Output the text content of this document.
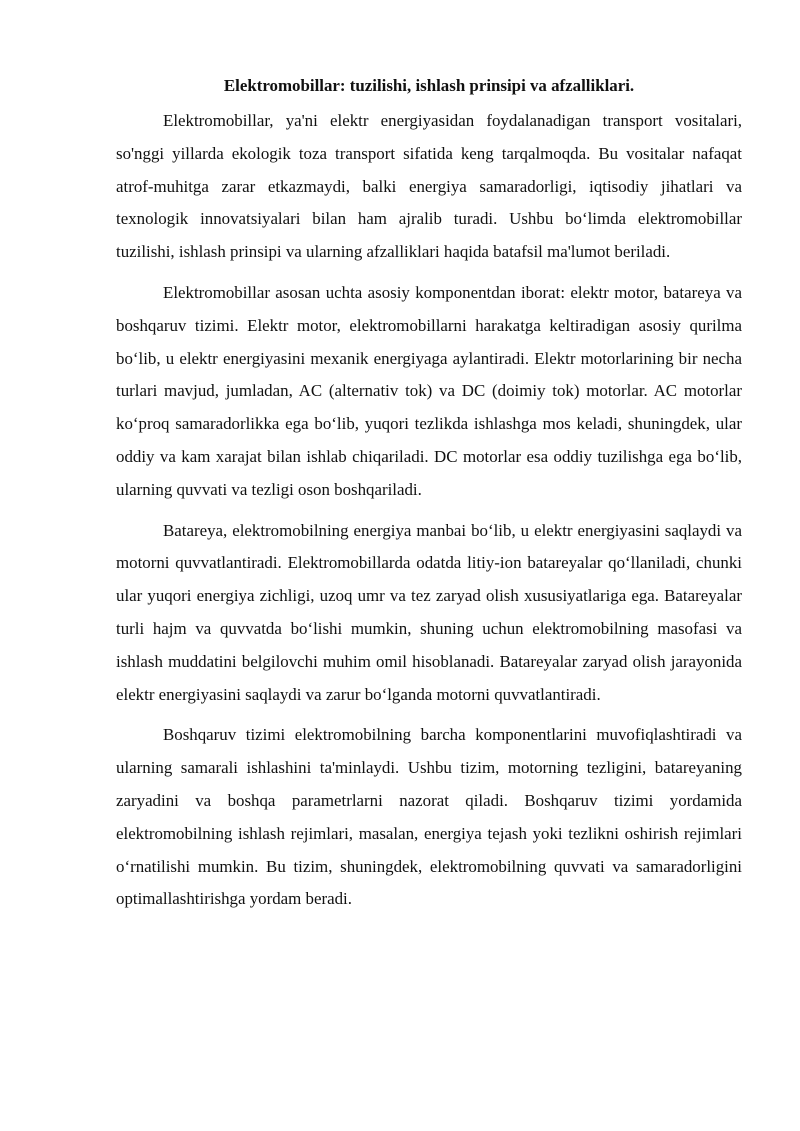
Elektromobillar: tuzilishi, ishlash prinsipi va afzalliklari.

Elektromobillar, ya'ni elektr energiyasidan foydalanadigan transport vositalari, so'nggi yillarda ekologik toza transport sifatida keng tarqalmoqda. Bu vositalar nafaqat atrof-muhitga zarar etkazmaydi, balki energiya samaradorligi, iqtisodiy jihatlari va texnologik innovatsiyalari bilan ham ajralib turadi. Ushbu bo‘limda elektromobillar tuzilishi, ishlash prinsipi va ularning afzalliklari haqida batafsil ma'lumot beriladi.

Elektromobillar asosan uchta asosiy komponentdan iborat: elektr motor, batareya va boshqaruv tizimi. Elektr motor, elektromobillarni harakatga keltiradigan asosiy qurilma bo‘lib, u elektr energiyasini mexanik energiyaga aylantiradi. Elektr motorlarining bir necha turlari mavjud, jumladan, AC (alternativ tok) va DC (doimiy tok) motorlar. AC motorlar ko‘proq samaradorlikka ega bo‘lib, yuqori tezlikda ishlashga mos keladi, shuningdek, ular oddiy va kam xarajat bilan ishlab chiqariladi. DC motorlar esa oddiy tuzilishga ega bo‘lib, ularning quvvati va tezligi oson boshqariladi.

Batareya, elektromobilning energiya manbai bo‘lib, u elektr energiyasini saqlaydi va motorni quvvatlantiradi. Elektromobillarda odatda litiy-ion batareyalar qo‘llaniladi, chunki ular yuqori energiya zichligi, uzoq umr va tez zaryad olish xususiyatlariga ega. Batareyalar turli hajm va quvvatda bo‘lishi mumkin, shuning uchun elektromobilning masofasi va ishlash muddatini belgilovchi muhim omil hisoblanadi. Batareyalar zaryad olish jarayonida elektr energiyasini saqlaydi va zarur bo‘lganda motorni quvvatlantiradi.

Boshqaruv tizimi elektromobilning barcha komponentlarini muvofiqlashtiradi va ularning samarali ishlashini ta'minlaydi. Ushbu tizim, motorning tezligini, batareyaning zaryadini va boshqa parametrlarni nazorat qiladi. Boshqaruv tizimi yordamida elektromobilning ishlash rejimlari, masalan, energiya tejash yoki tezlikni oshirish rejimlari o‘rnatilishi mumkin. Bu tizim, shuningdek, elektromobilning quvvati va samaradorligini optimallashtirishga yordam beradi.
